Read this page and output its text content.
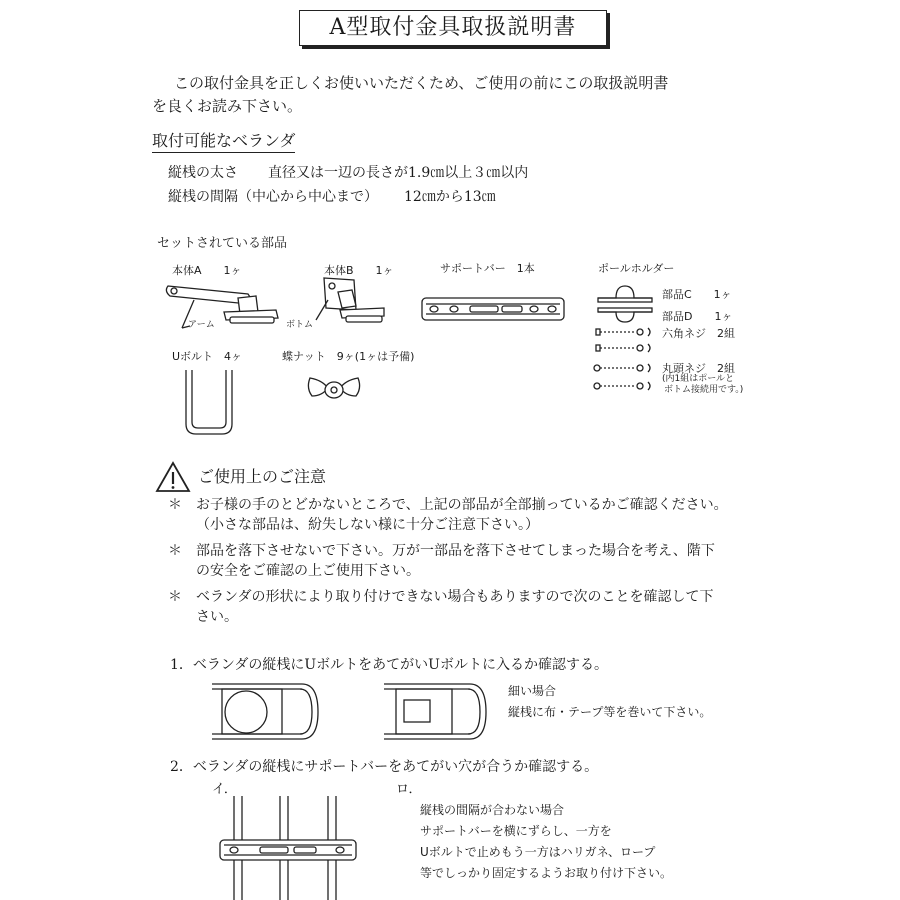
A型取付金具取扱説明書
この取付金具を正しくお使いいただくため、ご使用の前にこの取扱説明書
を良くお読み下さい。
取付可能なベランダ
縦桟の太さ 直径又は一辺の長さが1.9㎝以上３㎝以内
縦桟の間隔（中心から中心まで） 12㎝から13㎝
セットされている部品
本体A　　1ヶ	本体B　　1ヶ	サポートバー　1本	ポールホルダー
アーム	ボトム
部品C　　1ヶ
部品D　　1ヶ
六角ネジ　2組
丸頭ネジ　2組
(内1組はポールと
ボトム接続用です。)
Uボルト　4ヶ	蝶ナット　9ヶ(1ヶは予備)
ご使用上のご注意
＊ お子様の手のとどかないところで、上記の部品が全部揃っているかご確認ください。
（小さな部品は、紛失しない様に十分ご注意下さい。）
＊ 部品を落下させないで下さい。万が一部品を落下させてしまった場合を考え、階下
の安全をご確認の上ご使用下さい。
＊ ベランダの形状により取り付けできない場合もありますので次のことを確認して下
さい。
1．ベランダの縦桟にUボルトをあてがいUボルトに入るか確認する。
細い場合
縦桟に布・テープ等を巻いて下さい。
2．ベランダの縦桟にサポートバーをあてがい穴が合うか確認する。
イ．	ロ．
縦桟の間隔が合わない場合
サポートバーを横にずらし、一方を
Uボルトで止めもう一方はハリガネ、ロープ
等でしっかり固定するようお取り付け下さい。
